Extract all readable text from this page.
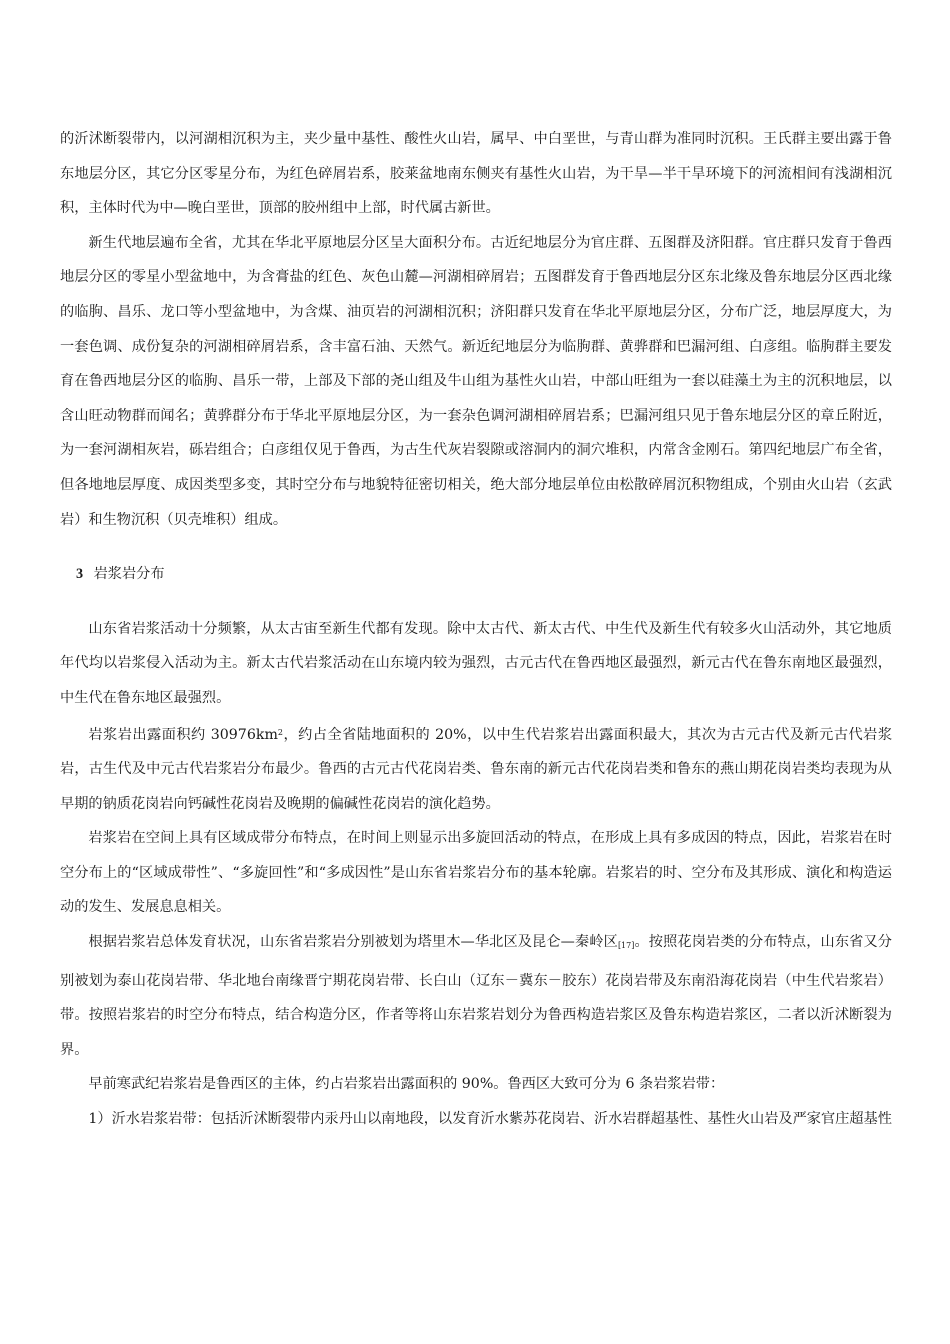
的沂沭断裂带内，以河湖相沉积为主，夹少量中基性、酸性火山岩，属早、中白垩世，与青山群为准同时沉积。王氏群主要出露于鲁东地层分区，其它分区零星分布，为红色碎屑岩系，胶莱盆地南东侧夹有基性火山岩，为干旱—半干旱环境下的河流相间有浅湖相沉积，主体时代为中—晚白垩世，顶部的胶州组中上部，时代属古新世。

新生代地层遍布全省，尤其在华北平原地层分区呈大面积分布。古近纪地层分为官庄群、五图群及济阳群。官庄群只发育于鲁西地层分区的零星小型盆地中，为含膏盐的红色、灰色山麓—河湖相碎屑岩；五图群发育于鲁西地层分区东北缘及鲁东地层分区西北缘的临朐、昌乐、龙口等小型盆地中，为含煤、油页岩的河湖相沉积；济阳群只发育在华北平原地层分区，分布广泛，地层厚度大，为一套色调、成份复杂的河湖相碎屑岩系，含丰富石油、天然气。新近纪地层分为临朐群、黄骅群和巴漏河组、白彦组。临朐群主要发育在鲁西地层分区的临朐、昌乐一带，上部及下部的尧山组及牛山组为基性火山岩，中部山旺组为一套以硅藻土为主的沉积地层，以含山旺动物群而闻名；黄骅群分布于华北平原地层分区，为一套杂色调河湖相碎屑岩系；巴漏河组只见于鲁东地层分区的章丘附近，为一套河湖相灰岩，砾岩组合；白彦组仅见于鲁西，为古生代灰岩裂隙或溶洞内的洞穴堆积，内常含金刚石。第四纪地层广布全省，但各地地层厚度、成因类型多变，其时空分布与地貌特征密切相关，绝大部分地层单位由松散碎屑沉积物组成，个别由火山岩（玄武岩）和生物沉积（贝壳堆积）组成。

3 岩浆岩分布

山东省岩浆活动十分频繁，从太古宙至新生代都有发现。除中太古代、新太古代、中生代及新生代有较多火山活动外，其它地质年代均以岩浆侵入活动为主。新太古代岩浆活动在山东境内较为强烈，古元古代在鲁西地区最强烈，新元古代在鲁东南地区最强烈，中生代在鲁东地区最强烈。

岩浆岩出露面积约 $30976km^2$，约占全省陆地面积的 20%，以中生代岩浆岩出露面积最大，其次为古元古代及新元古代岩浆岩，古生代及中元古代岩浆岩分布最少。鲁西的古元古代花岗岩类、鲁东南的新元古代花岗岩类和鲁东的燕山期花岗岩类均表现为从早期的钠质花岗岩向钙碱性花岗岩及晚期的偏碱性花岗岩的演化趋势。

岩浆岩在空间上具有区域成带分布特点，在时间上则显示出多旋回活动的特点，在形成上具有多成因的特点，因此，岩浆岩在时空分布上的“区域成带性”、“多旋回性”和“多成因性”是山东省岩浆岩分布的基本轮廓。岩浆岩的时、空分布及其形成、演化和构造运动的发生、发展息息相关。

根据岩浆岩总体发育状况，山东省岩浆岩分别被划为塔里木—华北区及昆仑—秦岭区$_{[17]}$。按照花岗岩类的分布特点，山东省又分别被划为泰山花岗岩带、华北地台南缘晋宁期花岗岩带、长白山（辽东－冀东－胶东）花岗岩带及东南沿海花岗岩（中生代岩浆岩）带。按照岩浆岩的时空分布特点，结合构造分区，作者等将山东岩浆岩划分为鲁西构造岩浆区及鲁东构造岩浆区，二者以沂沭断裂为界。

早前寒武纪岩浆岩是鲁西区的主体，约占岩浆岩出露面积的 90%。鲁西区大致可分为 6 条岩浆岩带：

1）沂水岩浆岩带：包括沂沭断裂带内汞丹山以南地段，以发育沂水紫苏花岗岩、沂水岩群超基性、基性火山岩及严家官庄超基性
